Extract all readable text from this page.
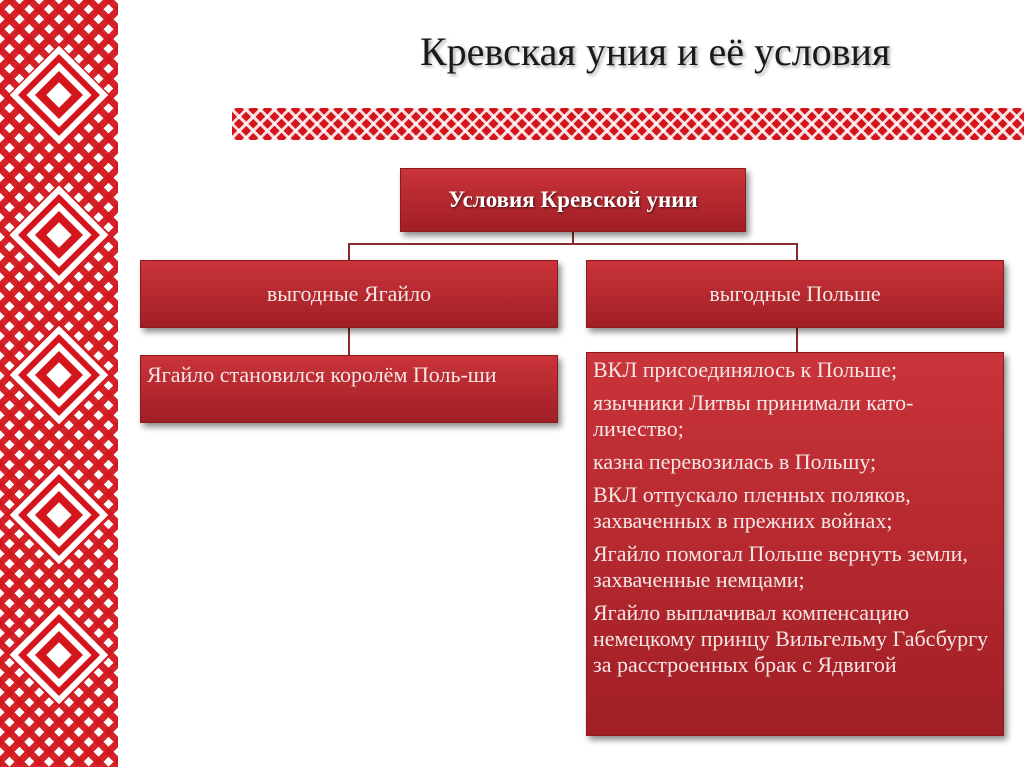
Кревская уния и её условия
Условия Кревской унии
выгодные Ягайло	выгодные Польше
Ягайло становился королём Поль-ши	ВКЛ присоединялось к Польше;
язычники Литвы принимали като-личество;
казна перевозилась в Польшу;
ВКЛ отпускало пленных поляков, захваченных в прежних войнах;
Ягайло помогал Польше вернуть земли, захваченные немцами;
Ягайло выплачивал компенсацию немецкому принцу Вильгельму Габсбургу за расстроенных брак с Ядвигой
